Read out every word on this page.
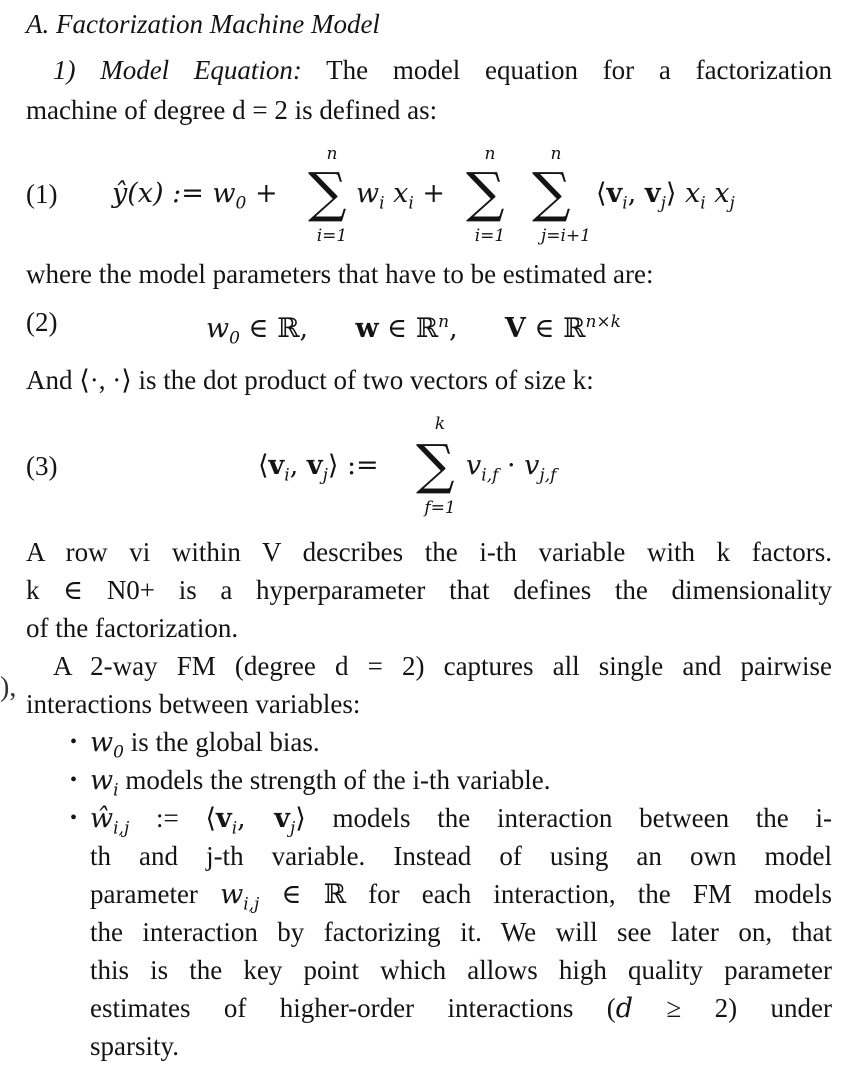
),
A. Factorization Machine Model
1) Model Equation: The model equation for a factorization
machine of degree d = 2 is defined as:
ŷ(x) := $w_0$ +
n
∑
i=1
$w_i$ $x_i$ +
n
∑
i=1
n
∑
j=i+1
$⟨v_i$, $v_j⟩$ $x_i$ $x_j$
(1)
where the model parameters that have to be estimated are:
$w_0$ ∈ ℝ, w ∈ ℝ$^n$, V ∈ ℝ$^{n\times k}$
(2)
And ⟨·, ·⟩ is the dot product of two vectors of size k:
$⟨v_i$, $v_j⟩$ :=
k
∑
f=1
$v_{i,f} \cdot v_{j,f}$
(3)
A row vi within V describes the i-th variable with k factors.
k ∈ N0+ is a hyperparameter that defines the dimensionality
of the factorization.
A 2-way FM (degree d = 2) captures all single and pairwise
interactions between variables:
• $w_0$ is the global bias.
• $w_i$ models the strength of the i-th variable.
• $ŵ_{i,j}$ := $⟨v_i$, $v_j⟩$ models the interaction between the i-
th and j-th variable. Instead of using an own model
parameter $w_{i,j}$ ∈ ℝ for each interaction, the FM models
the interaction by factorizing it. We will see later on, that
this is the key point which allows high quality parameter
estimates of higher-order interactions (d ≥ 2) under
sparsity.
